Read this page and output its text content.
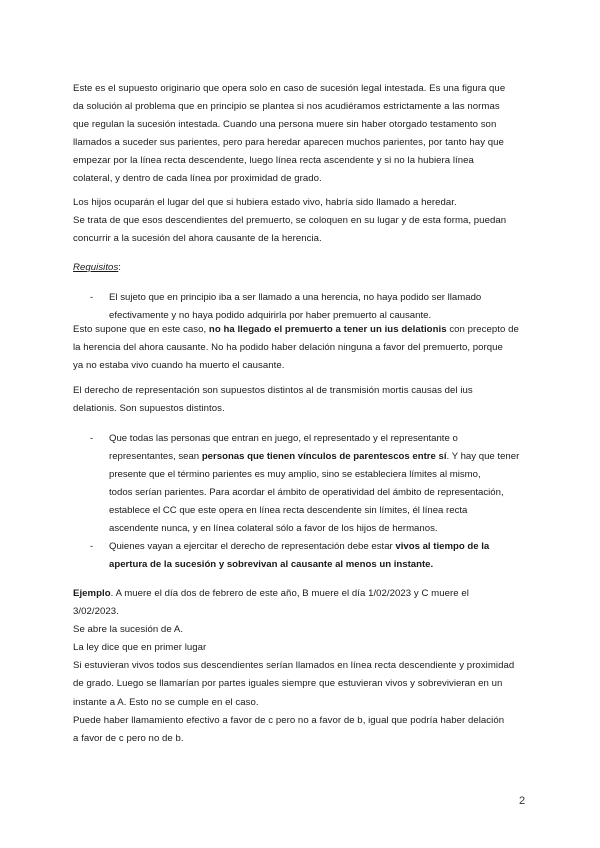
Este es el supuesto originario que opera solo en caso de sucesión legal intestada. Es una figura que
da solución al problema que en principio se plantea si nos acudiéramos estrictamente a las normas
que regulan la sucesión intestada. Cuando una persona muere sin haber otorgado testamento son
llamados a suceder sus parientes, pero para heredar aparecen muchos parientes, por tanto hay que
empezar por la línea recta descendente, luego línea recta ascendente y si no la hubiera línea
colateral, y dentro de cada línea por proximidad de grado.

Los hijos ocuparán el lugar del que si hubiera estado vivo, habría sido llamado a heredar.
Se trata de que esos descendientes del premuerto, se coloquen en su lugar y de esta forma, puedan
concurrir a la sucesión del ahora causante de la herencia.

Requisitos:

- El sujeto que en principio iba a ser llamado a una herencia, no haya podido ser llamado
efectivamente y no haya podido adquirirla por haber premuerto al causante.

Esto supone que en este caso, no ha llegado el premuerto a tener un ius delationis con precepto de
la herencia del ahora causante. No ha podido haber delación ninguna a favor del premuerto, porque
ya no estaba vivo cuando ha muerto el causante.

El derecho de representación son supuestos distintos al de transmisión mortis causas del ius
delationis. Son supuestos distintos.

- Que todas las personas que entran en juego, el representado y el representante o
representantes, sean personas que tienen vínculos de parentescos entre sí. Y hay que tener
presente que el término parientes es muy amplio, sino se estableciera límites al mismo,
todos serían parientes. Para acordar el ámbito de operatividad del ámbito de representación,
establece el CC que este opera en línea recta descendente sin límites, él línea recta
ascendente nunca, y en línea colateral sólo a favor de los hijos de hermanos.

- Quienes vayan a ejercitar el derecho de representación debe estar vivos al tiempo de la
apertura de la sucesión y sobrevivan al causante al menos un instante.

Ejemplo. A muere el día dos de febrero de este año, B muere el día 1/02/2023 y C muere el
3/02/2023.
Se abre la sucesión de A.
La ley dice que en primer lugar
Si estuvieran vivos todos sus descendientes serían llamados en línea recta descendiente y proximidad
de grado. Luego se llamarían por partes iguales siempre que estuvieran vivos y sobrevivieran en un
instante a A. Esto no se cumple en el caso.
Puede haber llamamiento efectivo a favor de c pero no a favor de b, igual que podría haber delación
a favor de c pero no de b.

2
